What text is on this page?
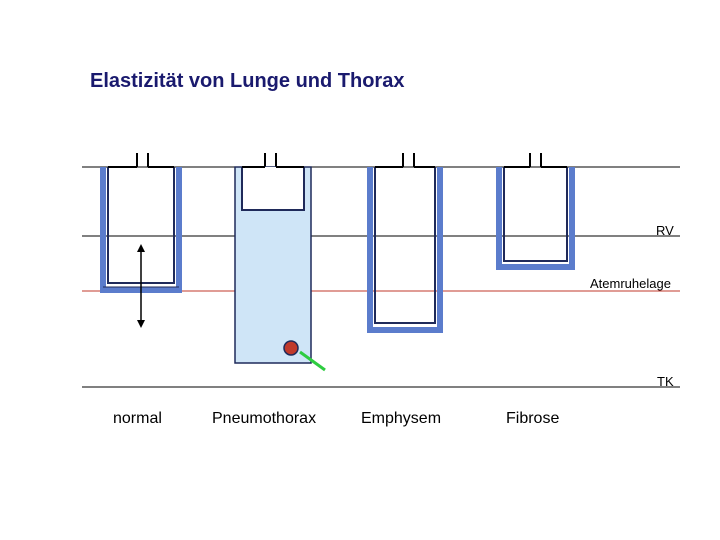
Elastizität von Lunge und Thorax
RV
Atemruhelage
TK
normal	Pneumothorax	Emphysem	Fibrose
